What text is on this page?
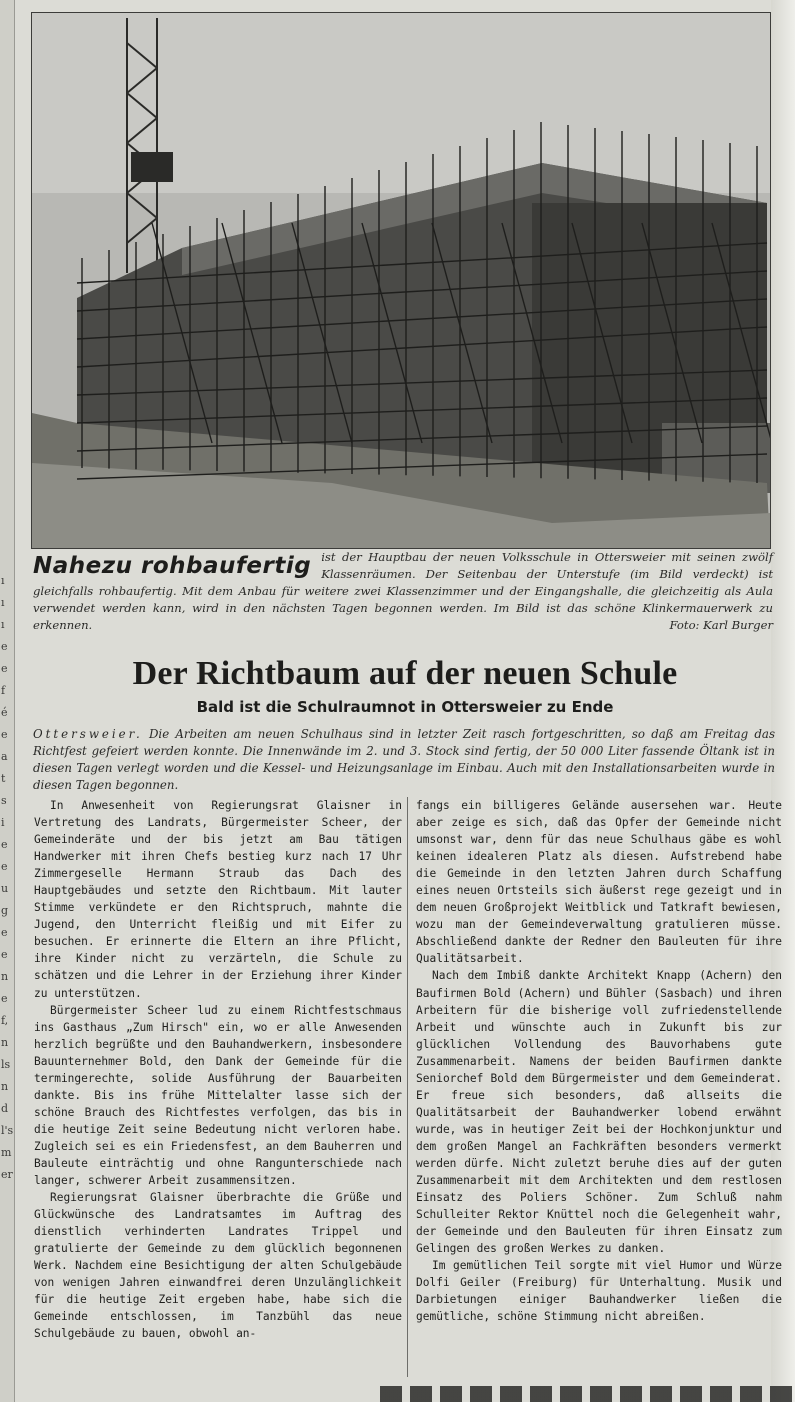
ı
ı
ı
e
e
f
é
e
a
t
s
i
e
e
u
g
e
e
n
e
f,
n
ls
n
d
l's
m
er
Nahezu rohbaufertig ist der Hauptbau der neuen Volksschule in Ottersweier mit seinen zwölf Klassenräumen. Der Seitenbau der Unterstufe (im Bild verdeckt) ist gleichfalls rohbaufertig. Mit dem Anbau für weitere zwei Klassenzimmer und der Eingangshalle, die gleichzeitig als Aula verwendet werden kann, wird in den nächsten Tagen begonnen werden. Im Bild ist das schöne Klinkermauerwerk zu erkennen.	Foto: Karl Burger
Der Richtbaum auf der neuen Schule
Bald ist die Schulraumnot in Ottersweier zu Ende
Ottersweier. Die Arbeiten am neuen Schulhaus sind in letzter Zeit rasch fortgeschritten, so daß am Freitag das Richtfest gefeiert werden konnte. Die Innenwände im 2. und 3. Stock sind fertig, der 50 000 Liter fassende Öltank ist in diesen Tagen verlegt worden und die Kessel- und Heizungsanlage im Einbau. Auch mit den Installationsarbeiten wurde in diesen Tagen begonnen.

In Anwesenheit von Regierungsrat Glaisner in Vertretung des Landrats, Bürgermeister Scheer, der Gemeinderäte und der bis jetzt am Bau tätigen Handwerker mit ihren Chefs bestieg kurz nach 17 Uhr Zimmergeselle Hermann Straub das Dach des Hauptgebäudes und setzte den Richtbaum. Mit lauter Stimme verkündete er den Richtspruch, mahnte die Jugend, den Unterricht fleißig und mit Eifer zu besuchen. Er erinnerte die Eltern an ihre Pflicht, ihre Kinder nicht zu verzärteln, die Schule zu schätzen und die Lehrer in der Erziehung ihrer Kinder zu unterstützen.

Bürgermeister Scheer lud zu einem Richtfestschmaus ins Gasthaus „Zum Hirsch" ein, wo er alle Anwesenden herzlich begrüßte und den Bauhandwerkern, insbesondere Bauunternehmer Bold, den Dank der Gemeinde für die termingerechte, solide Ausführung der Bauarbeiten dankte. Bis ins frühe Mittelalter lasse sich der schöne Brauch des Richtfestes verfolgen, das bis in die heutige Zeit seine Bedeutung nicht verloren habe. Zugleich sei es ein Friedensfest, an dem Bauherren und Bauleute einträchtig und ohne Rangunterschiede nach langer, schwerer Arbeit zusammensitzen.

Regierungsrat Glaisner überbrachte die Grüße und Glückwünsche des Landratsamtes im Auftrag des dienstlich verhinderten Landrates Trippel und gratulierte der Gemeinde zu dem glücklich begonnenen Werk. Nachdem eine Besichtigung der alten Schulgebäude von wenigen Jahren einwandfrei deren Unzulänglichkeit für die heutige Zeit ergeben habe, habe sich die Gemeinde entschlossen, im Tanzbühl das neue Schulgebäude zu bauen, obwohl an-

fangs ein billigeres Gelände ausersehen war. Heute aber zeige es sich, daß das Opfer der Gemeinde nicht umsonst war, denn für das neue Schulhaus gäbe es wohl keinen idealeren Platz als diesen. Aufstrebend habe die Gemeinde in den letzten Jahren durch Schaffung eines neuen Ortsteils sich äußerst rege gezeigt und in dem neuen Großprojekt Weitblick und Tatkraft bewiesen, wozu man der Gemeindeverwaltung gratulieren müsse. Abschließend dankte der Redner den Bauleuten für ihre Qualitätsarbeit.

Nach dem Imbiß dankte Architekt Knapp (Achern) den Baufirmen Bold (Achern) und Bühler (Sasbach) und ihren Arbeitern für die bisherige voll zufriedenstellende Arbeit und wünschte auch in Zukunft bis zur glücklichen Vollendung des Bauvorhabens gute Zusammenarbeit. Namens der beiden Baufirmen dankte Seniorchef Bold dem Bürgermeister und dem Gemeinderat. Er freue sich besonders, daß allseits die Qualitätsarbeit der Bauhandwerker lobend erwähnt wurde, was in heutiger Zeit bei der Hochkonjunktur und dem großen Mangel an Fachkräften besonders vermerkt werden dürfe. Nicht zuletzt beruhe dies auf der guten Zusammenarbeit mit dem Architekten und dem restlosen Einsatz des Poliers Schöner. Zum Schluß nahm Schulleiter Rektor Knüttel noch die Gelegenheit wahr, der Gemeinde und den Bauleuten für ihren Einsatz zum Gelingen des großen Werkes zu danken.

Im gemütlichen Teil sorgte mit viel Humor und Würze Dolfi Geiler (Freiburg) für Unterhaltung. Musik und Darbietungen einiger Bauhandwerker ließen die gemütliche, schöne Stimmung nicht abreißen.
